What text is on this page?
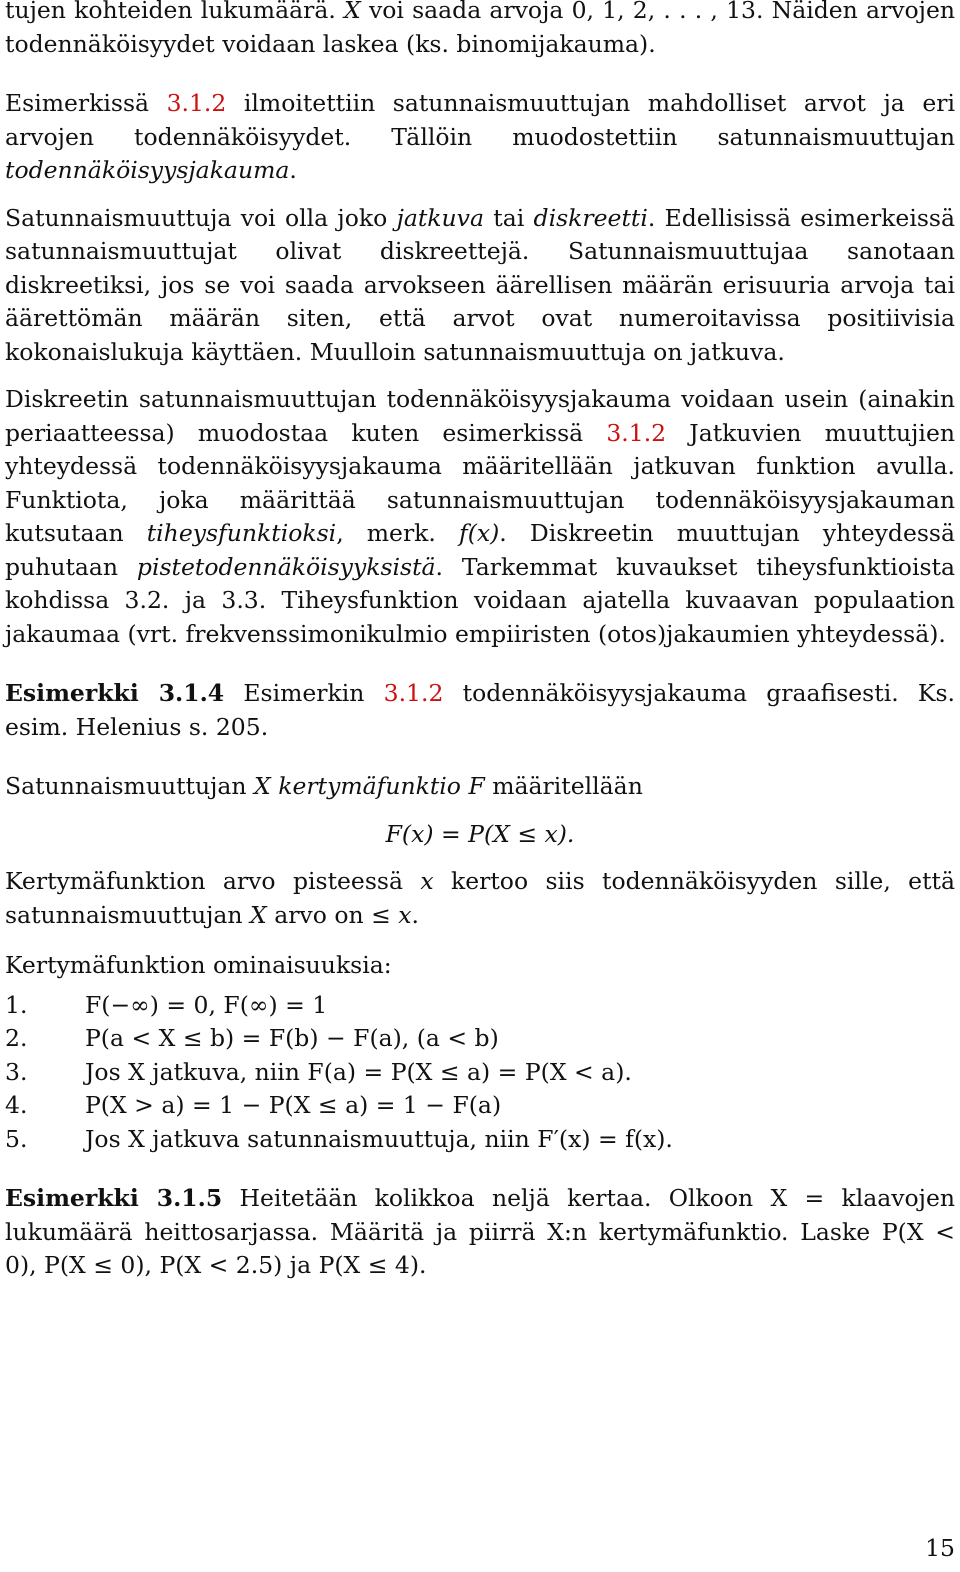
tujen kohteiden lukumäärä. X voi saada arvoja 0, 1, 2, . . . , 13. Näiden arvojen todennäköisyydet voidaan laskea (ks. binomijakauma).

Esimerkissä 3.1.2 ilmoitettiin satunnaismuuttujan mahdolliset arvot ja eri arvojen todennäköisyydet. Tällöin muodostettiin satunnaismuuttujan todennäköisyysjakauma.

Satunnaismuuttuja voi olla joko jatkuva tai diskreetti. Edellisissä esimerkeissä satunnaismuuttujat olivat diskreettejä. Satunnaismuuttujaa sanotaan diskreetiksi, jos se voi saada arvokseen äärellisen määrän erisuuria arvoja tai äärettömän määrän siten, että arvot ovat numeroitavissa positiivisia kokonaislukuja käyttäen. Muulloin satunnaismuuttuja on jatkuva.

Diskreetin satunnaismuuttujan todennäköisyysjakauma voidaan usein (ainakin periaatteessa) muodostaa kuten esimerkissä 3.1.2 Jatkuvien muuttujien yhteydessä todennäköisyysjakauma määritellään jatkuvan funktion avulla. Funktiota, joka määrittää satunnaismuuttujan todennäköisyysjakauman kutsutaan tiheysfunktioksi, merk. f(x). Diskreetin muuttujan yhteydessä puhutaan pistetodennäköisyyksistä. Tarkemmat kuvaukset tiheysfunktioista kohdissa 3.2. ja 3.3. Tiheysfunktion voidaan ajatella kuvaavan populaation jakaumaa (vrt. frekvenssimonikulmio empiiristen (otos)jakaumien yhteydessä).

Esimerkki 3.1.4 Esimerkin 3.1.2 todennäköisyysjakauma graafisesti. Ks. esim. Helenius s. 205.

Satunnaismuuttujan X kertymäfunktio F määritellään

F(x) = P(X ≤ x).

Kertymäfunktion arvo pisteessä x kertoo siis todennäköisyyden sille, että satunnaismuuttujan X arvo on ≤ x.

Kertymäfunktion ominaisuuksia:

1.	F(−∞) = 0, F(∞) = 1
2.	P(a < X ≤ b) = F(b) − F(a), (a < b)
3.	Jos X jatkuva, niin F(a) = P(X ≤ a) = P(X < a).
4.	P(X > a) = 1 − P(X ≤ a) = 1 − F(a)
5.	Jos X jatkuva satunnaismuuttuja, niin F′(x) = f(x).

Esimerkki 3.1.5 Heitetään kolikkoa neljä kertaa. Olkoon X = klaavojen lukumäärä heittosarjassa. Määritä ja piirrä X:n kertymäfunktio. Laske P(X < 0), P(X ≤ 0), P(X < 2.5) ja P(X ≤ 4).

15
